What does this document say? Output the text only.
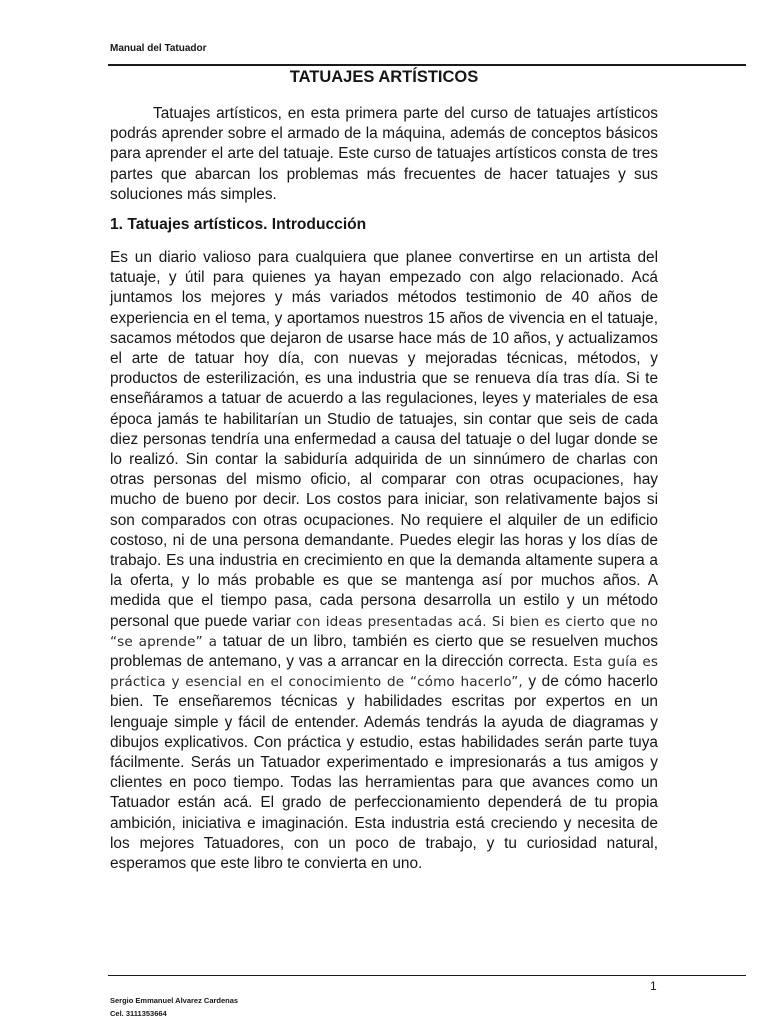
Manual del Tatuador
TATUAJES ARTÍSTICOS

Tatuajes artísticos, en esta primera parte del curso de tatuajes artísticos podrás aprender sobre el armado de la máquina, además de conceptos básicos para aprender el arte del tatuaje. Este curso de tatuajes artísticos consta de tres partes que abarcan los problemas más frecuentes de hacer tatuajes y sus soluciones más simples.

1. Tatuajes artísticos. Introducción

Es un diario valioso para cualquiera que planee convertirse en un artista del tatuaje, y útil para quienes ya hayan empezado con algo relacionado. Acá juntamos los mejores y más variados métodos testimonio de 40 años de experiencia en el tema, y aportamos nuestros 15 años de vivencia en el tatuaje, sacamos métodos que dejaron de usarse hace más de 10 años, y actualizamos el arte de tatuar hoy día, con nuevas y mejoradas técnicas, métodos, y productos de esterilización, es una industria que se renueva día tras día. Si te enseñáramos a tatuar de acuerdo a las regulaciones, leyes y materiales de esa época jamás te habilitarían un Studio de tatuajes, sin contar que seis de cada diez personas tendría una enfermedad a causa del tatuaje o del lugar donde se lo realizó. Sin contar la sabiduría adquirida de un sinnúmero de charlas con otras personas del mismo oficio, al comparar con otras ocupaciones, hay mucho de bueno por decir. Los costos para iniciar, son relativamente bajos si son comparados con otras ocupaciones. No requiere el alquiler de un edificio costoso, ni de una persona demandante. Puedes elegir las horas y los días de trabajo. Es una industria en crecimiento en que la demanda altamente supera a la oferta, y lo más probable es que se mantenga así por muchos años. A medida que el tiempo pasa, cada persona desarrolla un estilo y un método personal que puede variar con ideas presentadas acá. Si bien es cierto que no “se aprende” a tatuar de un libro, también es cierto que se resuelven muchos problemas de antemano, y vas a arrancar en la dirección correcta. Esta guía es práctica y esencial en el conocimiento de “cómo hacerlo”, y de cómo hacerlo bien. Te enseñaremos técnicas y habilidades escritas por expertos en un lenguaje simple y fácil de entender. Además tendrás la ayuda de diagramas y dibujos explicativos. Con práctica y estudio, estas habilidades serán parte tuya fácilmente. Serás un Tatuador experimentado e impresionarás a tus amigos y clientes en poco tiempo. Todas las herramientas para que avances como un Tatuador están acá. El grado de perfeccionamiento dependerá de tu propia ambición, iniciativa e imaginación. Esta industria está creciendo y necesita de los mejores Tatuadores, con un poco de trabajo, y tu curiosidad natural, esperamos que este libro te convierta en uno.

1
Sergio Emmanuel Alvarez Cardenas
Cel. 3111353664
